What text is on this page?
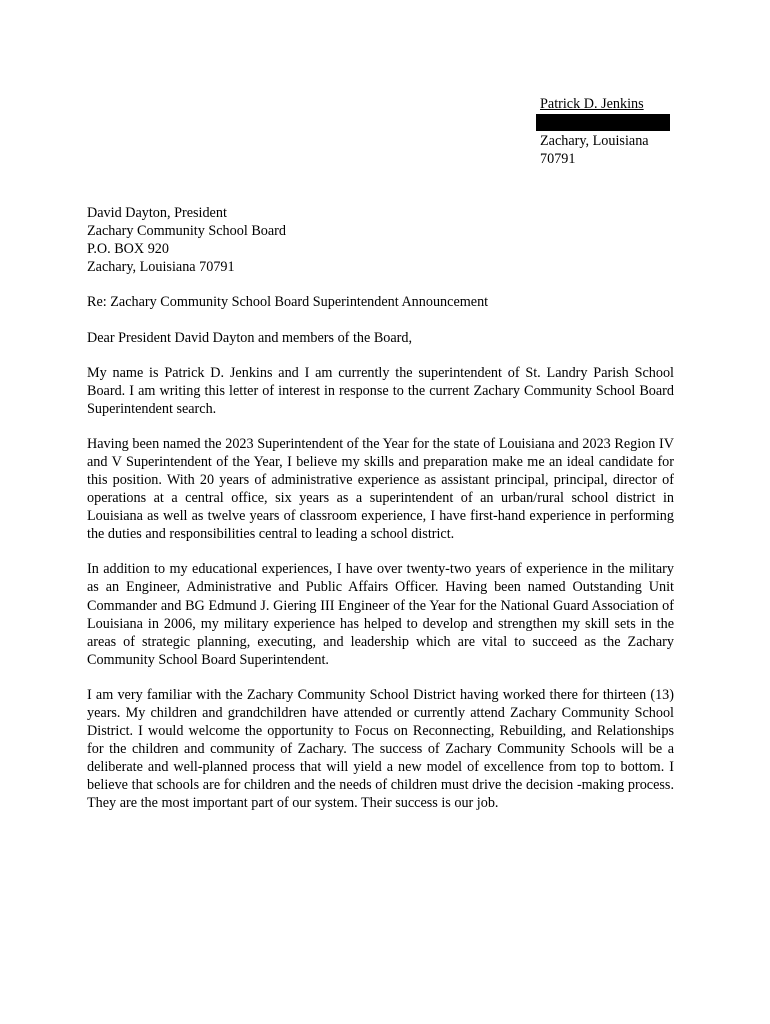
Patrick D. Jenkins
Zachary, Louisiana
70791
David Dayton, President
Zachary Community School Board
P.O. BOX 920
Zachary, Louisiana 70791
Re: Zachary Community School Board Superintendent Announcement
Dear President David Dayton and members of the Board,

My name is Patrick D. Jenkins and I am currently the superintendent of St. Landry Parish School Board. I am writing this letter of interest in response to the current Zachary Community School Board Superintendent search.

Having been named the 2023 Superintendent of the Year for the state of Louisiana and 2023 Region IV and V Superintendent of the Year, I believe my skills and preparation make me an ideal candidate for this position. With 20 years of administrative experience as assistant principal, principal, director of operations at a central office, six years as a superintendent of an urban/rural school district in Louisiana as well as twelve years of classroom experience, I have first-hand experience in performing the duties and responsibilities central to leading a school district.

In addition to my educational experiences, I have over twenty-two years of experience in the military as an Engineer, Administrative and Public Affairs Officer. Having been named Outstanding Unit Commander and BG Edmund J. Giering III Engineer of the Year for the National Guard Association of Louisiana in 2006, my military experience has helped to develop and strengthen my skill sets in the areas of strategic planning, executing, and leadership which are vital to succeed as the Zachary Community School Board Superintendent.

I am very familiar with the Zachary Community School District having worked there for thirteen (13) years. My children and grandchildren have attended or currently attend Zachary Community School District. I would welcome the opportunity to Focus on Reconnecting, Rebuilding, and Relationships for the children and community of Zachary. The success of Zachary Community Schools will be a deliberate and well-planned process that will yield a new model of excellence from top to bottom. I believe that schools are for children and the needs of children must drive the decision -making process. They are the most important part of our system. Their success is our job.
